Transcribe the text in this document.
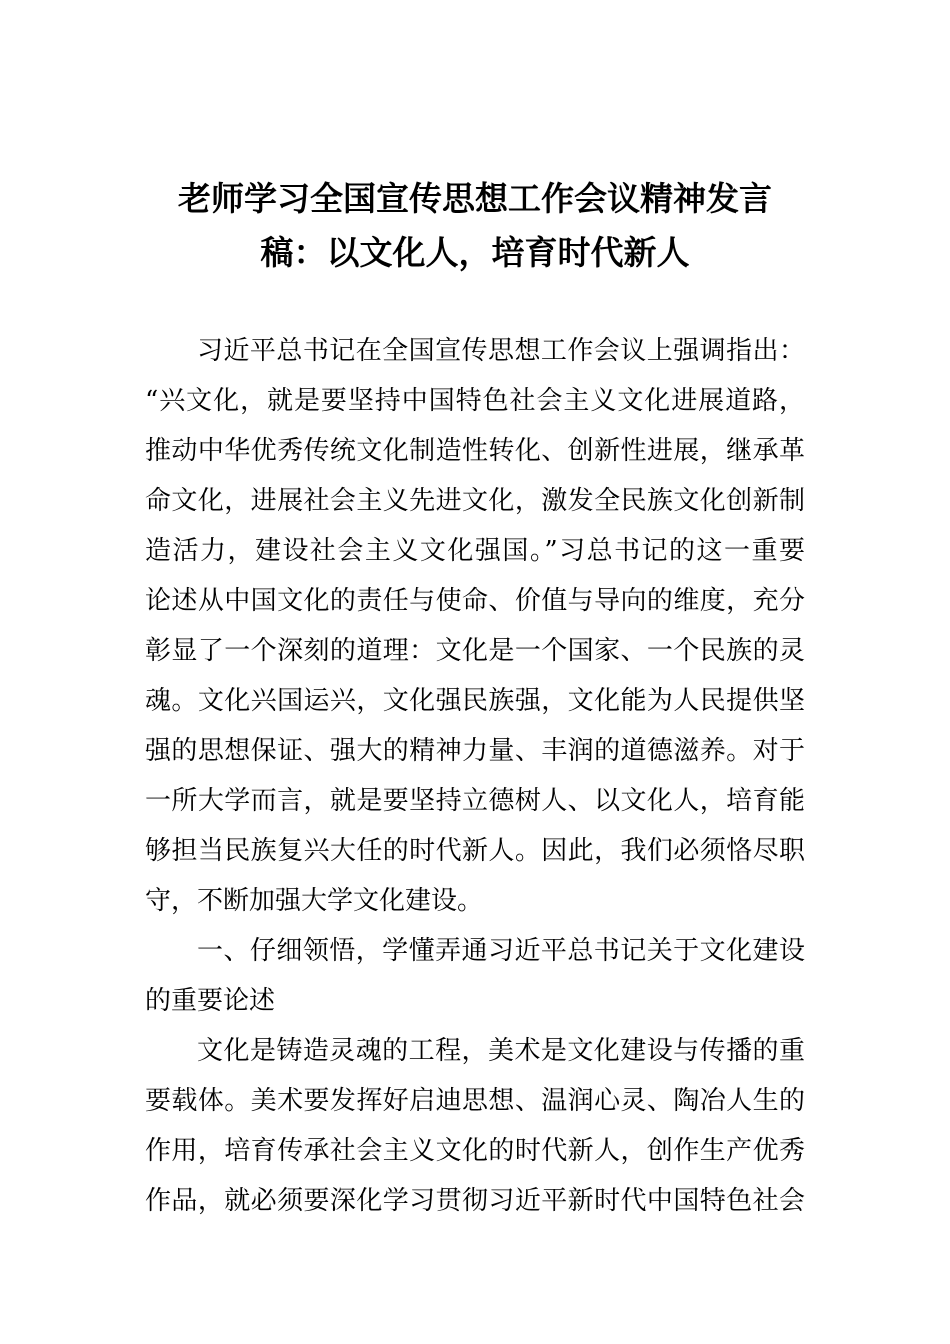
老师学习全国宣传思想工作会议精神发言
稿：以文化人，培育时代新人
习近平总书记在全国宣传思想工作会议上强调指出：
“兴文化，就是要坚持中国特色社会主义文化进展道路，
推动中华优秀传统文化制造性转化、创新性进展，继承革
命文化，进展社会主义先进文化，激发全民族文化创新制
造活力，建设社会主义文化强国。”习总书记的这一重要
论述从中国文化的责任与使命、价值与导向的维度，充分
彰显了一个深刻的道理：文化是一个国家、一个民族的灵
魂。文化兴国运兴，文化强民族强，文化能为人民提供坚
强的思想保证、强大的精神力量、丰润的道德滋养。对于
一所大学而言，就是要坚持立德树人、以文化人，培育能
够担当民族复兴大任的时代新人。因此，我们必须恪尽职
守，不断加强大学文化建设。
一、仔细领悟，学懂弄通习近平总书记关于文化建设
的重要论述
文化是铸造灵魂的工程，美术是文化建设与传播的重
要载体。美术要发挥好启迪思想、温润心灵、陶冶人生的
作用，培育传承社会主义文化的时代新人，创作生产优秀
作品，就必须要深化学习贯彻习近平新时代中国特色社会
